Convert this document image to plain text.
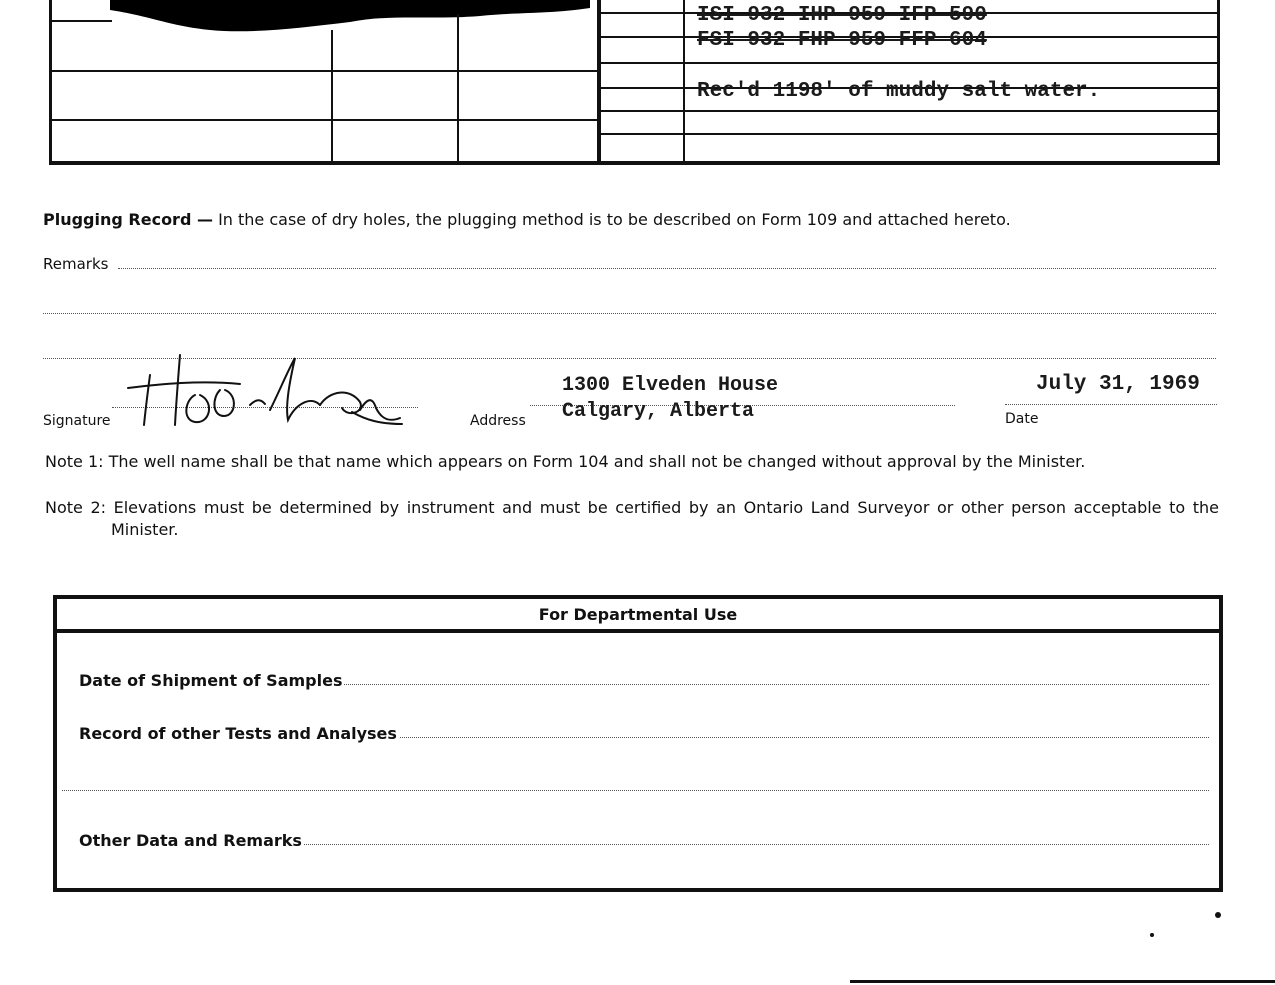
ISI 932 IHP 959 IFP 590
FSI 932 FHP 959 FFP 604
Rec'd 1198' of muddy salt water.
Plugging Record — In the case of dry holes, the plugging method is to be described on Form 109 and attached hereto.
Remarks
Signature	Address
1300 Elveden House
Calgary, Alberta	Date
July 31, 1969
Note 1: The well name shall be that name which appears on Form 104 and shall not be changed without approval by the Minister.
Note 2: Elevations must be determined by instrument and must be certified by an Ontario Land Surveyor or other person acceptable to the
Minister.
For Departmental Use
Date of Shipment of Samples
Record of other Tests and Analyses
Other Data and Remarks
